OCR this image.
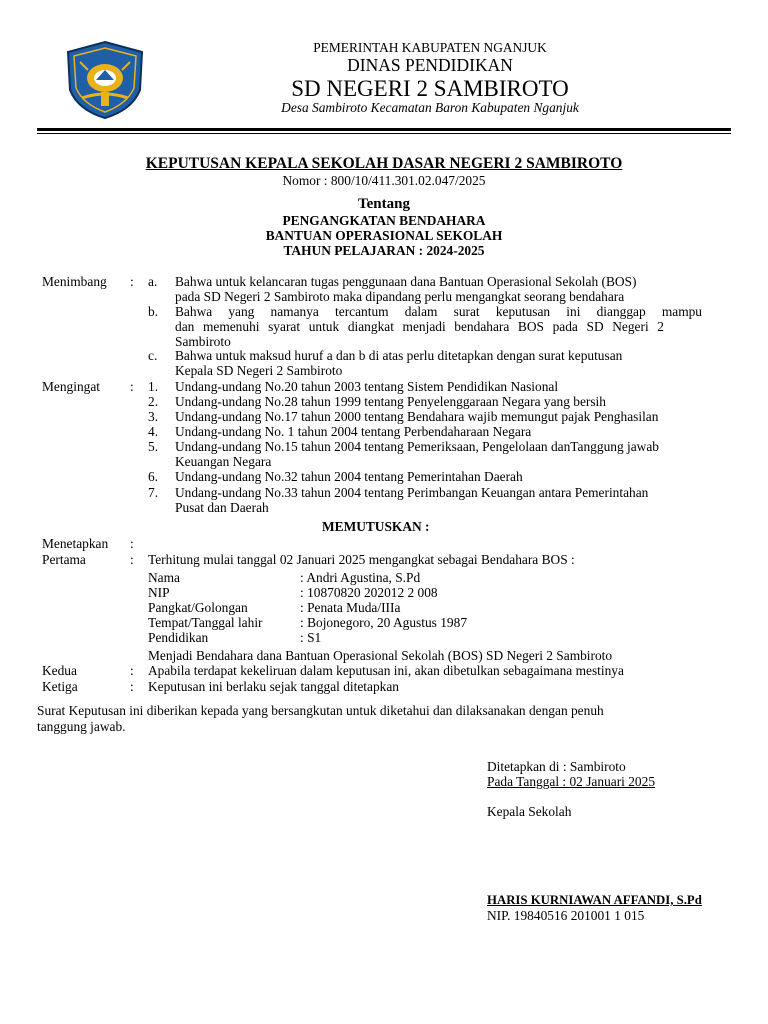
PEMERINTAH KABUPATEN NGANJUK
DINAS PENDIDIKAN
SD NEGERI 2 SAMBIROTO
Desa Sambiroto Kecamatan Baron Kabupaten Nganjuk
KEPUTUSAN KEPALA SEKOLAH DASAR NEGERI 2 SAMBIROTO
Nomor : 800/10/411.301.02.047/2025
Tentang
PENGANGKATAN BENDAHARA
BANTUAN OPERASIONAL SEKOLAH
TAHUN PELAJARAN : 2024-2025
Menimbang : a. Bahwa untuk kelancaran tugas penggunaan dana Bantuan Operasional Sekolah (BOS)
pada SD Negeri 2 Sambiroto maka dipandang perlu mengangkat seorang bendahara
b. Bahwa yang namanya tercantum dalam surat keputusan ini dianggap mampu
dan memenuhi syarat untuk diangkat menjadi bendahara BOS pada SD Negeri 2
Sambiroto
c. Bahwa untuk maksud huruf a dan b di atas perlu ditetapkan dengan surat keputusan
Kepala SD Negeri 2 Sambiroto
Mengingat : 1. Undang-undang No.20 tahun 2003 tentang Sistem Pendidikan Nasional
2. Undang-undang No.28 tahun 1999 tentang Penyelenggaraan Negara yang bersih
3. Undang-undang No.17 tahun 2000 tentang Bendahara wajib memungut pajak Penghasilan
4. Undang-undang No. 1 tahun 2004 tentang Perbendaharaan Negara
5. Undang-undang No.15 tahun 2004 tentang Pemeriksaan, Pengelolaan danTanggung jawab
Keuangan Negara
6. Undang-undang No.32 tahun 2004 tentang Pemerintahan Daerah
7. Undang-undang No.33 tahun 2004 tentang Perimbangan Keuangan antara Pemerintahan
Pusat dan Daerah
MEMUTUSKAN :
Menetapkan :
Pertama	: Terhitung mulai tanggal 02 Januari 2025 mengangkat sebagai Bendahara BOS :
Nama	: Andri Agustina, S.Pd
NIP	: 10870820 202012 2 008
Pangkat/Golongan	: Penata Muda/IIIa
Tempat/Tanggal lahir	: Bojonegoro, 20 Agustus 1987
Pendidikan	: S1
Menjadi Bendahara dana Bantuan Operasional Sekolah (BOS) SD Negeri 2 Sambiroto
Kedua	: Apabila terdapat kekeliruan dalam keputusan ini, akan dibetulkan sebagaimana mestinya
Ketiga	: Keputusan ini berlaku sejak tanggal ditetapkan
Surat Keputusan ini diberikan kepada yang bersangkutan untuk diketahui dan dilaksanakan dengan penuh
tanggung jawab.
Ditetapkan di : Sambiroto
Pada Tanggal : 02 Januari 2025
Kepala Sekolah
HARIS KURNIAWAN AFFANDI, S.Pd
NIP. 19840516 201001 1 015
